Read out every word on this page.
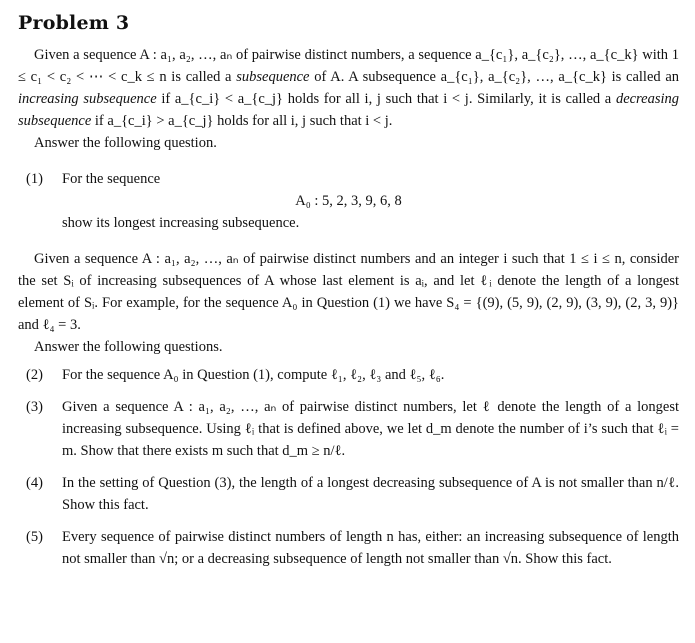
Problem 3

Given a sequence A : a₁, a₂, …, aₙ of pairwise distinct numbers, a sequence a_{c₁}, a_{c₂}, …, a_{c_k} with 1 ≤ c₁ < c₂ < ⋯ < c_k ≤ n is called a subsequence of A. A subsequence a_{c₁}, a_{c₂}, …, a_{c_k} is called an increasing subsequence if a_{c_i} < a_{c_j} holds for all i, j such that i < j. Similarly, it is called a decreasing subsequence if a_{c_i} > a_{c_j} holds for all i, j such that i < j.

Answer the following question.

(1)	For the sequence

A₀ : 5, 2, 3, 9, 6, 8

show its longest increasing subsequence.

Given a sequence A : a₁, a₂, …, aₙ of pairwise distinct numbers and an integer i such that 1 ≤ i ≤ n, consider the set Sᵢ of increasing subsequences of A whose last element is aᵢ, and let ℓᵢ denote the length of a longest element of Sᵢ. For example, for the sequence A₀ in Question (1) we have S₄ = {(9), (5, 9), (2, 9), (3, 9), (2, 3, 9)} and ℓ₄ = 3.

Answer the following questions.

(2)	For the sequence A₀ in Question (1), compute ℓ₁, ℓ₂, ℓ₃ and ℓ₅, ℓ₆.
(3)	Given a sequence A : a₁, a₂, …, aₙ of pairwise distinct numbers, let ℓ denote the length of a longest increasing subsequence. Using ℓᵢ that is defined above, we let d_m denote the number of i’s such that ℓᵢ = m. Show that there exists m such that d_m ≥ n/ℓ.
(4)	In the setting of Question (3), the length of a longest decreasing subsequence of A is not smaller than n/ℓ. Show this fact.
(5)	Every sequence of pairwise distinct numbers of length n has, either: an increasing subsequence of length not smaller than √n; or a decreasing subsequence of length not smaller than √n. Show this fact.
